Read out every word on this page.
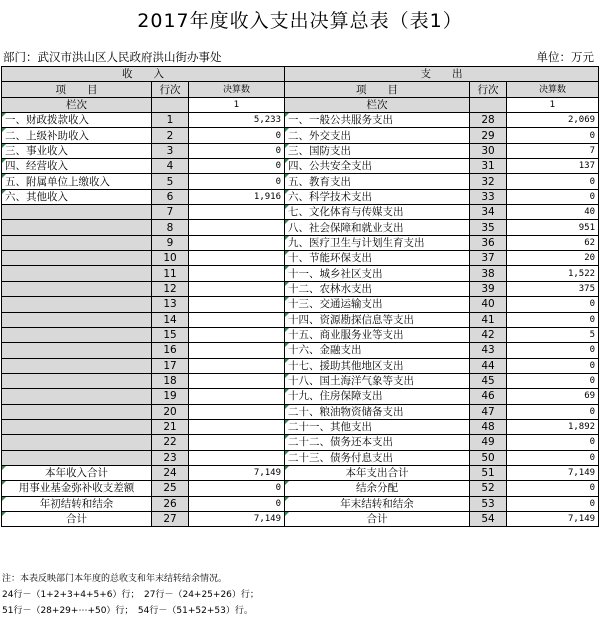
2017年度收入支出决算总表（表1）
部门：武汉市洪山区人民政府洪山街办事处	单位：万元
收　　入			支　　出		
项　　目	行次	决算数	项　　目	行次	决算数
栏次		1	栏次		1
一、财政拨款收入	1	5,233	一、一般公共服务支出	28	2,069
二、上级补助收入	2	0	二、外交支出	29	0
三、事业收入	3	0	三、国防支出	30	7
四、经营收入	4	0	四、公共安全支出	31	137
五、附属单位上缴收入	5	0	五、教育支出	32	0
六、其他收入	6	1,916	六、科学技术支出	33	0
	7		七、文化体育与传媒支出	34	40
	8		八、社会保障和就业支出	35	951
	9		九、医疗卫生与计划生育支出	36	62
	10		十、节能环保支出	37	20
	11		十一、城乡社区支出	38	1,522
	12		十二、农林水支出	39	375
	13		十三、交通运输支出	40	0
	14		十四、资源勘探信息等支出	41	0
	15		十五、商业服务业等支出	42	5
	16		十六、金融支出	43	0
	17		十七、援助其他地区支出	44	0
	18		十八、国土海洋气象等支出	45	0
	19		十九、住房保障支出	46	69
	20		二十、粮油物资储备支出	47	0
	21		二十一、其他支出	48	1,892
	22		二十二、债务还本支出	49	0
	23		二十三、债务付息支出	50	0
本年收入合计	24	7,149	本年支出合计	51	7,149
用事业基金弥补收支差额	25	0	结余分配	52	0
年初结转和结余	26	0	年末结转和结余	53	0
合计	27	7,149	合计	54	7,149
注：本表反映部门本年度的总收支和年末结转结余情况。
24行－（1+2+3+4+5+6）行；　27行－（24+25+26）行；
51行－（28+29+⋯+50）行；　54行－（51+52+53）行。
